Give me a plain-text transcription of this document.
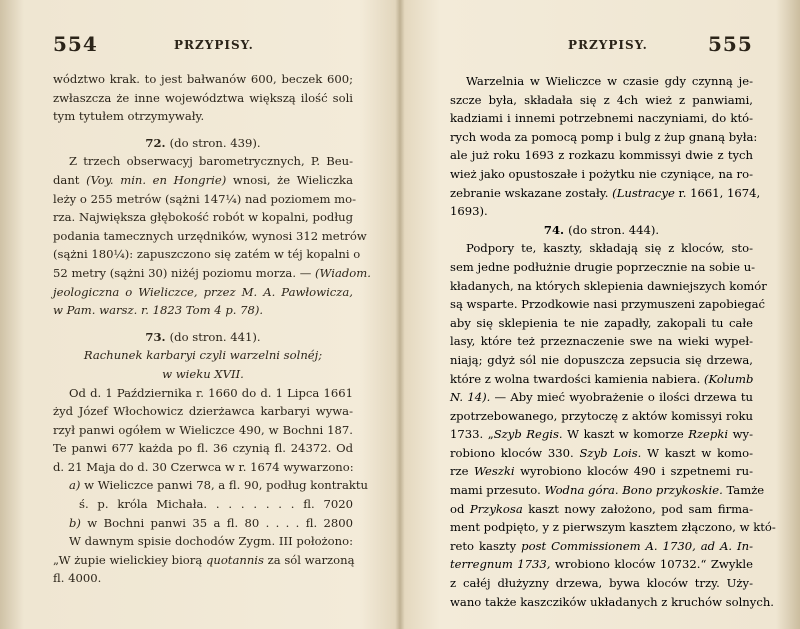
554	PRZYPISY.
wództwo krak. to jest bałwanów 600, beczek 600;
zwłaszcza że inne województwa większą ilość soli
tym tytułem otrzymywały.
72. (do stron. 439).
Z trzech obserwacyj barometrycznych, P. Beu-
dant (Voy. min. en Hongrie) wnosi, że Wieliczka
leży o 255 metrów (sążni 147¼) nad poziomem mo-
rza. Największa głębokość robót w kopalni, podług
podania tamecznych urzędników, wynosi 312 metrów
(sążni 180¼): zapuszczono się zatém w téj kopalni o
52 metry (sążni 30) niżéj poziomu morza. — (Wiadom.
jeologiczna o Wieliczce, przez M. A. Pawłowicza,
w Pam. warsz. r. 1823 Tom 4 p. 78).
73. (do stron. 441).
Rachunek karbaryi czyli warzelni solnéj;
w wieku XVII.
Od d. 1 Października r. 1660 do d. 1 Lipca 1661
żyd Józef Włochowicz dzierżawca karbaryi wywa-
rzył panwi ogółem w Wieliczce 490, w Bochni 187.
Te panwi 677 każda po fl. 36 czynią fl. 24372. Od
d. 21 Maja do d. 30 Czerwca w r. 1674 wywarzono:
a) w Wieliczce panwi 78, a fl. 90, podług kontraktu
ś. p. króla Michała. . . . . . . . fl. 7020
b) w Bochni panwi 35 a fl. 80 . . . . fl. 2800
W dawnym spisie dochodów Zygm. III położono:
„W żupie wielickiey biorą quotannis za sól warzoną
fl. 4000.
PRZYPISY.	555
Warzelnia w Wieliczce w czasie gdy czynną je-
szcze była, składała się z 4ch wież z panwiami,
kadziami i innemi potrzebnemi naczyniami, do któ-
rych woda za pomocą pomp i bulg z żup gnaną była:
ale już roku 1693 z rozkazu kommissyi dwie z tych
wież jako opustoszałe i pożytku nie czyniące, na ro-
zebranie wskazane zostały. (Lustracye r. 1661, 1674,
1693).
74. (do stron. 444).
Podpory te, kaszty, składają się z kloców, sto-
sem jedne podłużnie drugie poprzecznie na sobie u-
kładanych, na których sklepienia dawniejszych komór
są wsparte. Przodkowie nasi przymuszeni zapobiegać
aby się sklepienia te nie zapadły, zakopali tu całe
lasy, które też przeznaczenie swe na wieki wypeł-
niają; gdyż sól nie dopuszcza zepsucia się drzewa,
które z wolna twardości kamienia nabiera. (Kolumb
N. 14). — Aby mieć wyobrażenie o ilości drzewa tu
zpotrzebowanego, przytoczę z aktów komissyi roku
1733. „Szyb Regis. W kaszt w komorze Rzepki wy-
robiono kloców 330. Szyb Lois. W kaszt w komo-
rze Weszki wyrobiono kloców 490 i szpetnemi ru-
mami przesuto. Wodna góra. Bono przykoskie. Tamże
od Przykosa kaszt nowy założono, pod sam firma-
ment podpięto, y z pierwszym kasztem złączono, w któ-
reto kaszty post Commissionem A. 1730, ad A. In-
terregnum 1733, wrobiono kloców 10732.“ Zwykle
z całéj dłużyzny drzewa, bywa kloców trzy. Uży-
wano także kaszczików układanych z kruchów solnych.
